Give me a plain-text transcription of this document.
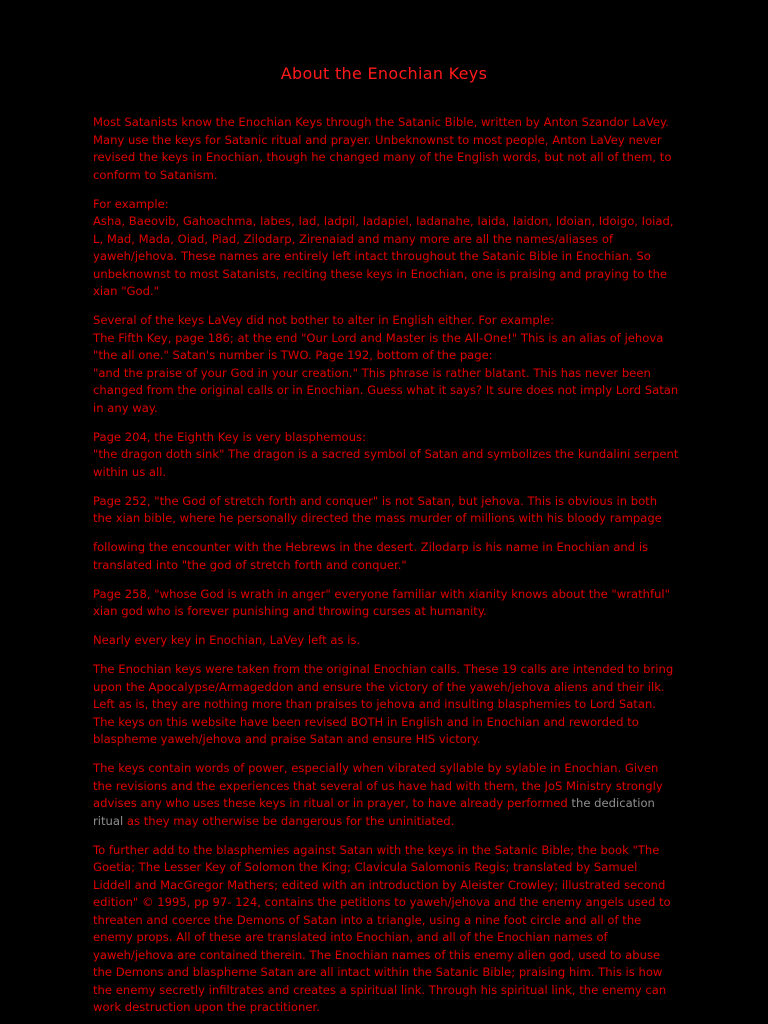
About the Enochian Keys

Most Satanists know the Enochian Keys through the Satanic Bible, written by Anton Szandor LaVey. Many use the keys for Satanic ritual and prayer. Unbeknownst to most people, Anton LaVey never revised the keys in Enochian, though he changed many of the English words, but not all of them, to conform to Satanism.

For example:
Asha, Baeovib, Gahoachma, Iabes, Iad, Iadpil, Iadapiel, Iadanahe, Iaida, Iaidon, Idoian, Idoigo, Ioiad, L, Mad, Mada, Oiad, Piad, Zilodarp, Zirenaiad and many more are all the names/aliases of yaweh/jehova. These names are entirely left intact throughout the Satanic Bible in Enochian. So unbeknownst to most Satanists, reciting these keys in Enochian, one is praising and praying to the xian "God."

Several of the keys LaVey did not bother to alter in English either. For example:
The Fifth Key, page 186; at the end "Our Lord and Master is the All-One!" This is an alias of jehova "the all one." Satan's number is TWO. Page 192, bottom of the page:
"and the praise of your God in your creation." This phrase is rather blatant. This has never been changed from the original calls or in Enochian. Guess what it says? It sure does not imply Lord Satan in any way.

Page 204, the Eighth Key is very blasphemous:
"the dragon doth sink" The dragon is a sacred symbol of Satan and symbolizes the kundalini serpent within us all.

Page 252, "the God of stretch forth and conquer" is not Satan, but jehova. This is obvious in both the xian bible, where he personally directed the mass murder of millions with his bloody rampage

following the encounter with the Hebrews in the desert. Zilodarp is his name in Enochian and is translated into "the god of stretch forth and conquer."

Page 258, "whose God is wrath in anger" everyone familiar with xianity knows about the "wrathful" xian god who is forever punishing and throwing curses at humanity.

Nearly every key in Enochian, LaVey left as is.

The Enochian keys were taken from the original Enochian calls. These 19 calls are intended to bring upon the Apocalypse/Armageddon and ensure the victory of the yaweh/jehova aliens and their ilk. Left as is, they are nothing more than praises to jehova and insulting blasphemies to Lord Satan. The keys on this website have been revised BOTH in English and in Enochian and reworded to blaspheme yaweh/jehova and praise Satan and ensure HIS victory.

The keys contain words of power, especially when vibrated syllable by sylable in Enochian. Given the revisions and the experiences that several of us have had with them, the JoS Ministry strongly advises any who uses these keys in ritual or in prayer, to have already performed the dedication ritual as they may otherwise be dangerous for the uninitiated.

To further add to the blasphemies against Satan with the keys in the Satanic Bible; the book "The Goetia; The Lesser Key of Solomon the King; Clavicula Salomonis Regis; translated by Samuel Liddell and MacGregor Mathers; edited with an introduction by Aleister Crowley; illustrated second edition" © 1995, pp 97- 124, contains the petitions to yaweh/jehova and the enemy angels used to threaten and coerce the Demons of Satan into a triangle, using a nine foot circle and all of the enemy props. All of these are translated into Enochian, and all of the Enochian names of yaweh/jehova are contained therein. The Enochian names of this enemy alien god, used to abuse the Demons and blaspheme Satan are all intact within the Satanic Bible; praising him. This is how the enemy secretly infiltrates and creates a spiritual link. Through his spiritual link, the enemy can work destruction upon the practitioner.
